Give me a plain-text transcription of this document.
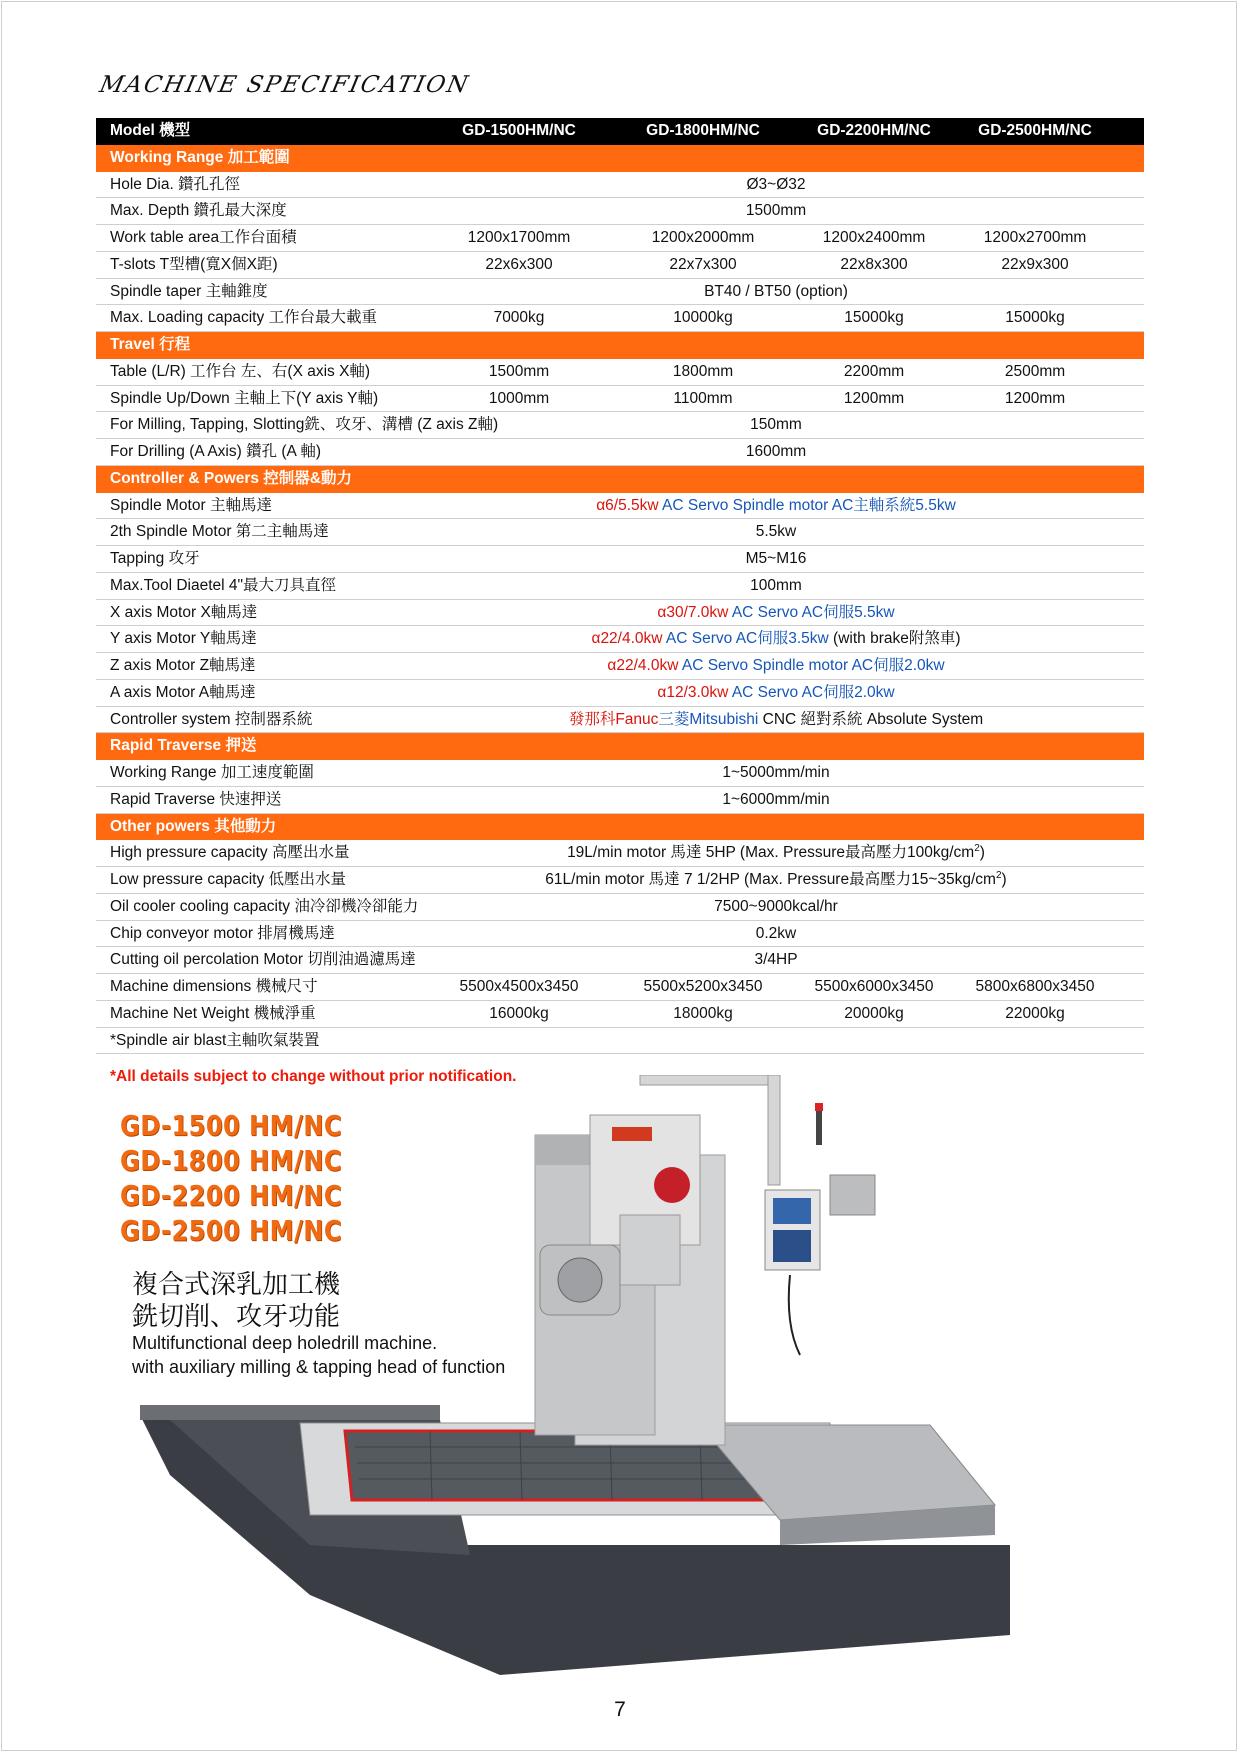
MACHINE SPECIFICATION
Model 機型	GD-1500HM/NC	GD-1800HM/NC	GD-2200HM/NC	GD-2500HM/NC
Working Range 加工範圍
Hole Dia. 鑽孔孔徑	Ø3~Ø32
Max. Depth 鑽孔最大深度	1500mm
Work table area工作台面積	1200x1700mm	1200x2000mm	1200x2400mm	1200x2700mm
T-slots T型槽(寬X個X距)	22x6x300	22x7x300	22x8x300	22x9x300
Spindle taper 主軸錐度	BT40 / BT50 (option)
Max. Loading capacity 工作台最大載重	7000kg	10000kg	15000kg	15000kg
Travel 行程
Table (L/R) 工作台 左、右(X axis X軸)	1500mm	1800mm	2200mm	2500mm
Spindle Up/Down 主軸上下(Y axis Y軸)	1000mm	1100mm	1200mm	1200mm
For Milling, Tapping, Slotting銑、攻牙、溝槽 (Z axis Z軸)	150mm
For Drilling (A Axis) 鑽孔 (A 軸)	1600mm
Controller & Powers 控制器&動力
Spindle Motor 主軸馬達	α6/5.5kw AC Servo Spindle motor AC主軸系統5.5kw
2th Spindle Motor 第二主軸馬達	5.5kw
Tapping 攻牙	M5~M16
Max.Tool Diaetel 4"最大刀具直徑	100mm
X axis Motor X軸馬達	α30/7.0kw AC Servo AC伺服5.5kw
Y axis Motor Y軸馬達	α22/4.0kw AC Servo AC伺服3.5kw (with brake附煞車)
Z axis Motor Z軸馬達	α22/4.0kw AC Servo Spindle motor AC伺服2.0kw
A axis Motor A軸馬達	α12/3.0kw AC Servo AC伺服2.0kw
Controller system 控制器系統	發那科Fanuc三菱Mitsubishi CNC 絕對系統 Absolute System
Rapid Traverse 押送
Working Range 加工速度範圍	1~5000mm/min
Rapid Traverse 快速押送	1~6000mm/min
Other powers 其他動力
High pressure capacity 高壓出水量	19L/min motor 馬達 5HP (Max. Pressure最高壓力$100kg/cm^2$)
Low pressure capacity 低壓出水量	61L/min motor 馬達 7 1/2HP (Max. Pressure最高壓力$15\sim 35kg/cm^2$)
Oil cooler cooling capacity 油冷卻機冷卻能力	7500~9000kcal/hr
Chip conveyor motor 排屑機馬達	0.2kw
Cutting oil percolation Motor 切削油過濾馬達	3/4HP
Machine dimensions 機械尺寸	5500x4500x3450	5500x5200x3450	5500x6000x3450	5800x6800x3450
Machine Net Weight 機械淨重	16000kg	18000kg	20000kg	22000kg
*Spindle air blast主軸吹氣裝置
*All details subject to change without prior notification.
GD-1500 HM/NC
GD-1800 HM/NC
GD-2200 HM/NC
GD-2500 HM/NC
複合式深乳加工機
銑切削、攻牙功能
Multifunctional deep holedrill machine.
with auxiliary milling & tapping head of function
7
